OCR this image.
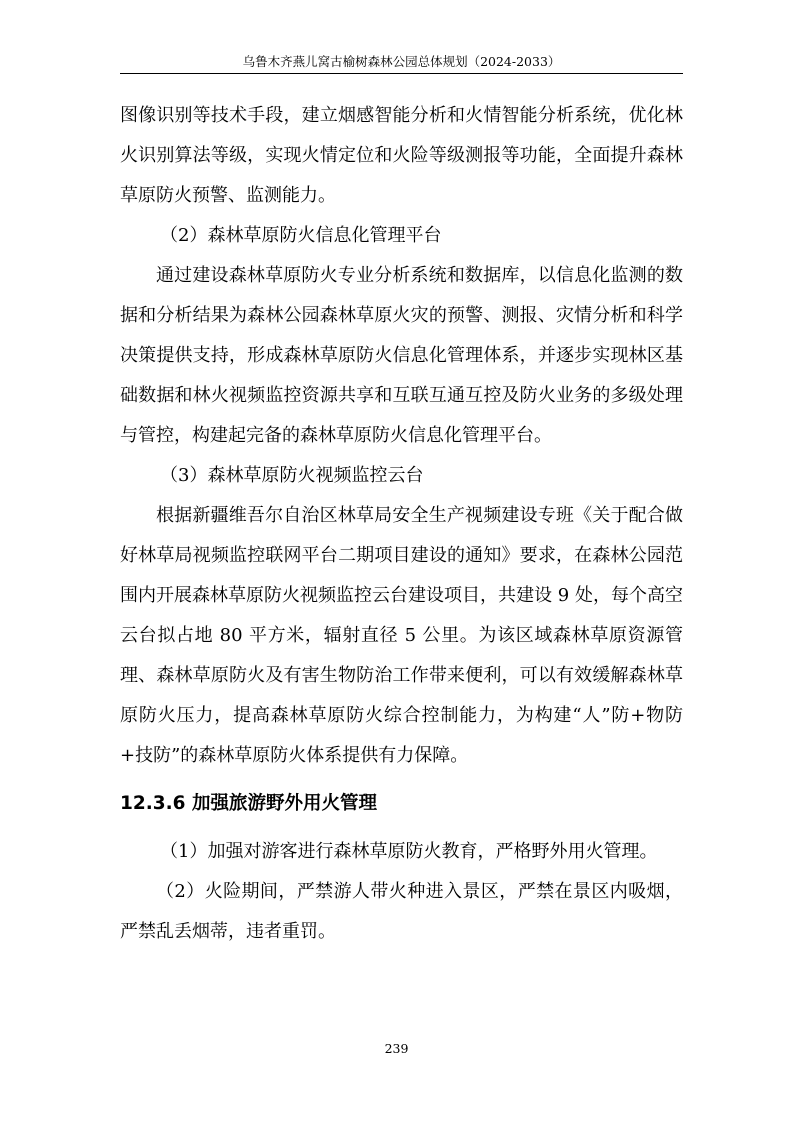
乌鲁木齐燕儿窝古榆树森林公园总体规划（2024-2033）

图像识别等技术手段，建立烟感智能分析和火情智能分析系统，优化林火识别算法等级，实现火情定位和火险等级测报等功能，全面提升森林草原防火预警、监测能力。

（2）森林草原防火信息化管理平台

通过建设森林草原防火专业分析系统和数据库，以信息化监测的数据和分析结果为森林公园森林草原火灾的预警、测报、灾情分析和科学决策提供支持，形成森林草原防火信息化管理体系，并逐步实现林区基础数据和林火视频监控资源共享和互联互通互控及防火业务的多级处理与管控，构建起完备的森林草原防火信息化管理平台。

（3）森林草原防火视频监控云台

根据新疆维吾尔自治区林草局安全生产视频建设专班《关于配合做好林草局视频监控联网平台二期项目建设的通知》要求，在森林公园范围内开展森林草原防火视频监控云台建设项目，共建设 9 处，每个高空云台拟占地 80 平方米，辐射直径 5 公里。为该区域森林草原资源管理、森林草原防火及有害生物防治工作带来便利，可以有效缓解森林草原防火压力，提高森林草原防火综合控制能力，为构建“人”防+物防+技防”的森林草原防火体系提供有力保障。

12.3.6 加强旅游野外用火管理

（1）加强对游客进行森林草原防火教育，严格野外用火管理。

（2）火险期间，严禁游人带火种进入景区，严禁在景区内吸烟，严禁乱丢烟蒂，违者重罚。

239
